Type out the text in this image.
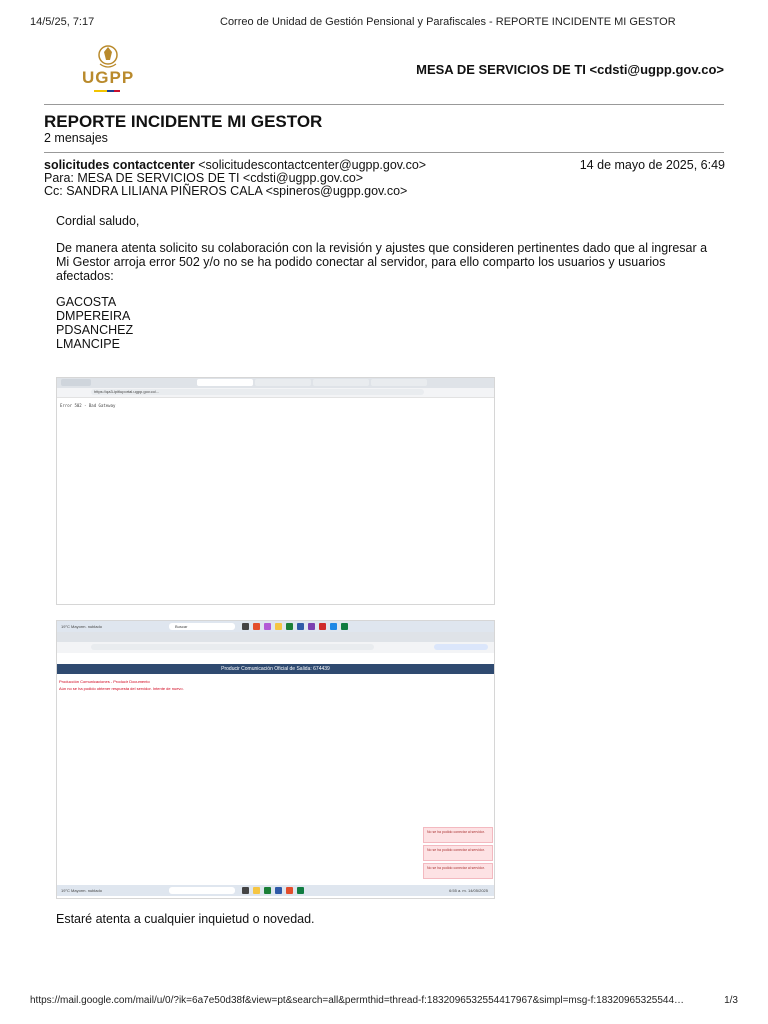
14/5/25, 7:17	Correo de Unidad de Gestión Pensional y Parafiscales - REPORTE INCIDENTE MI GESTOR
UGPP	MESA DE SERVICIOS DE TI <cdsti@ugpp.gov.co>
REPORTE INCIDENTE MI GESTOR
2 mensajes
solicitudes contactcenter <solicitudescontactcenter@ugpp.gov.co>	14 de mayo de 2025, 6:49
Para: MESA DE SERVICIOS DE TI <cdsti@ugpp.gov.co>
Cc: SANDRA LILIANA PIÑEROS CALA <spineros@ugpp.gov.co>
Cordial saludo,
De manera atenta solicito su colaboración con la revisión y ajustes que consideren pertinentes dado que al ingresar a
Mi Gestor arroja error 502 y/o no se ha podido conectar al servidor, para ello comparto los usuarios y usuarios
afectados:
GACOSTA
DMPEREIRA
PDSANCHEZ
LMANCIPE
https://qa3-ipitluportal.ugpp.gov.co/...
Error 502 - Bad Gateway
19°C Mayorm. nublado	Buscar
Producir Comunicación Oficial de Salida: 674439
Producción Comunicaciones - Producir Documento
Aún no se ha podido obtener respuesta del servidor. Intente de nuevo.
No se ha podido conectar al servidor.
No se ha podido conectar al servidor.
No se ha podido conectar al servidor.
19°C Mayorm. nublado	6:55 a. m. 14/05/2025
Estaré atenta a cualquier inquietud o novedad.
https://mail.google.com/mail/u/0/?ik=6a7e50d38f&view=pt&search=all&permthid=thread-f:1832096532554417967&simpl=msg-f:18320965325544…	1/3
